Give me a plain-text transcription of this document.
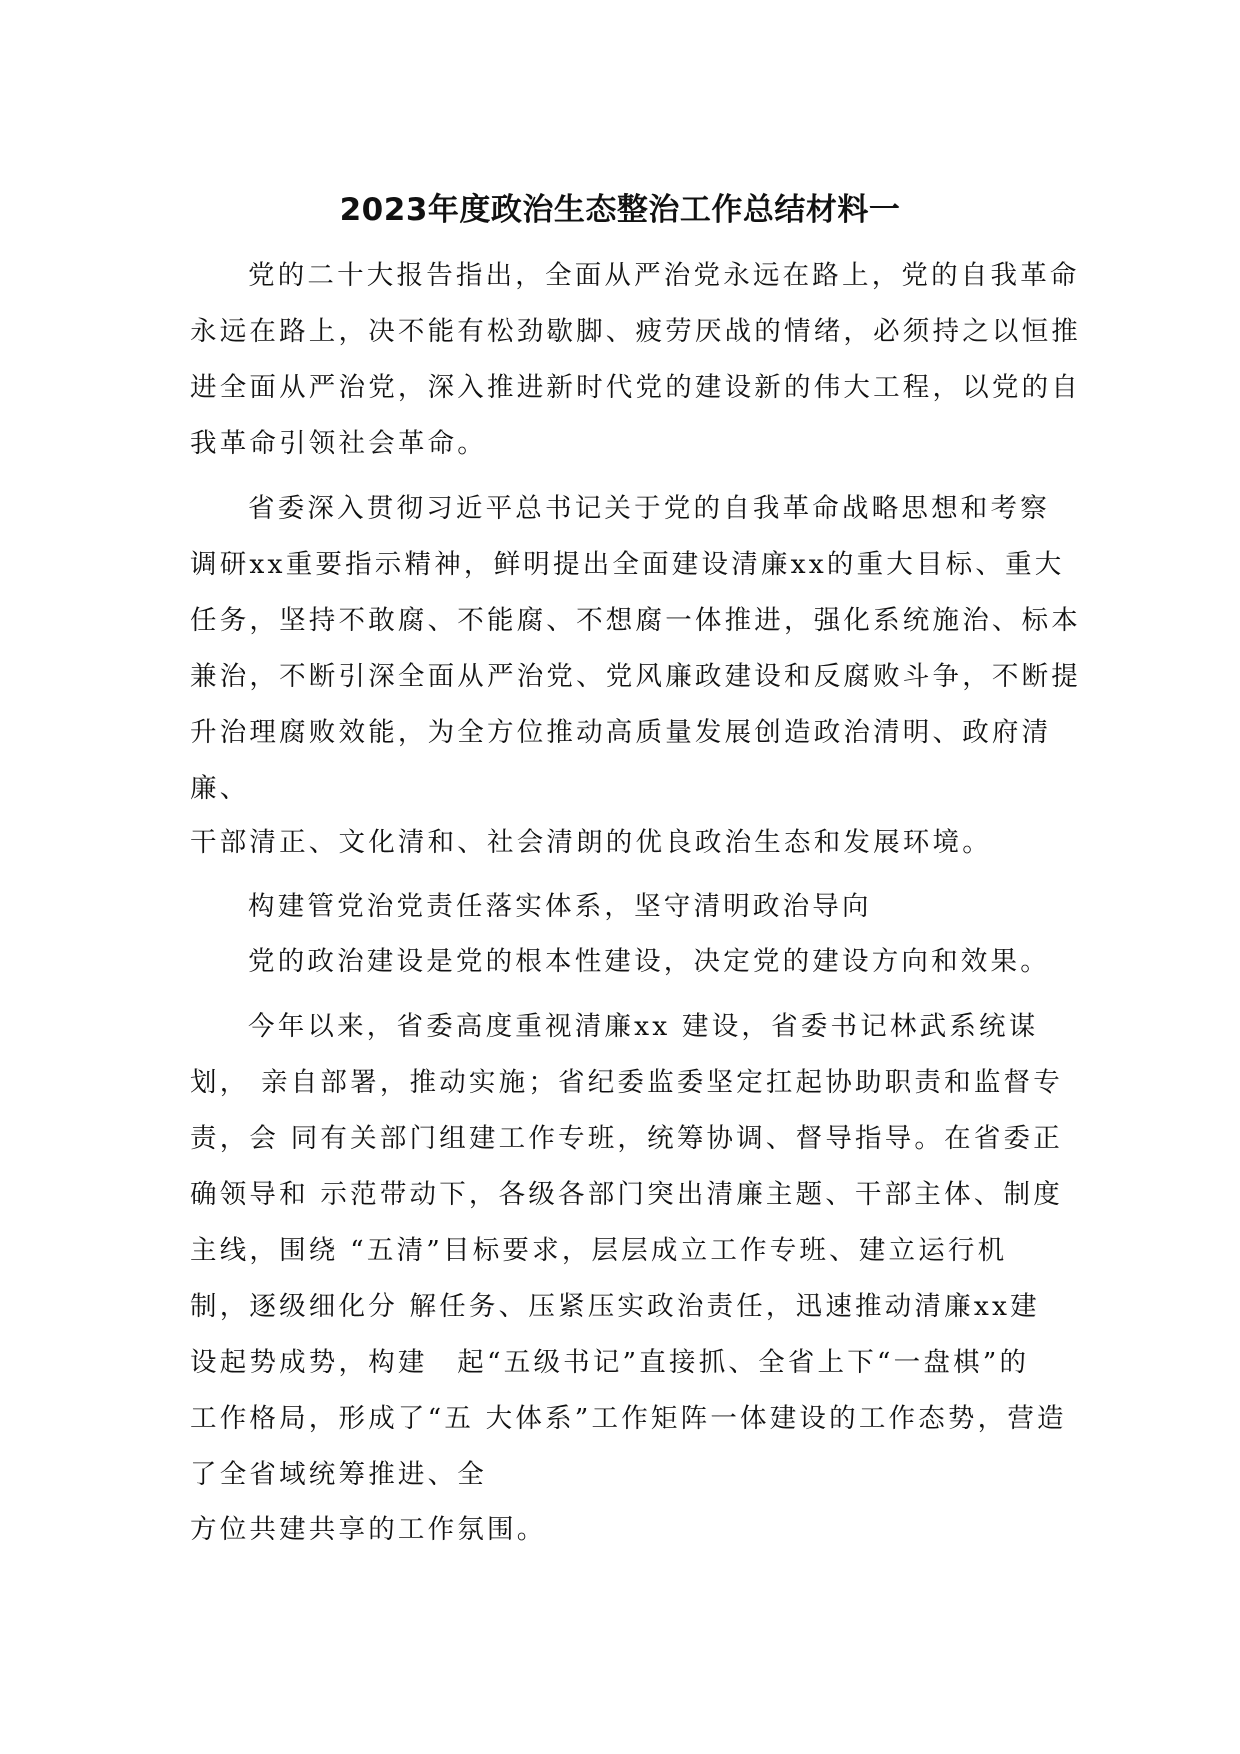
2023年度政治生态整治工作总结材料一
党的二十大报告指出，全面从严治党永远在路上，党的自我革命
永远在路上，决不能有松劲歇脚、疲劳厌战的情绪，必须持之以恒推
进全面从严治党，深入推进新时代党的建设新的伟大工程，以党的自
我革命引领社会革命。
省委深入贯彻习近平总书记关于党的自我革命战略思想和考察
调研xx重要指示精神，鲜明提出全面建设清廉xx的重大目标、重大
任务，坚持不敢腐、不能腐、不想腐一体推进，强化系统施治、标本
兼治，不断引深全面从严治党、党风廉政建设和反腐败斗争，不断提
升治理腐败效能，为全方位推动高质量发展创造政治清明、政府清
廉、
干部清正、文化清和、社会清朗的优良政治生态和发展环境。
构建管党治党责任落实体系，坚守清明政治导向
党的政治建设是党的根本性建设，决定党的建设方向和效果。
今年以来，省委高度重视清廉xx 建设，省委书记林武系统谋
划， 亲自部署，推动实施；省纪委监委坚定扛起协助职责和监督专
责，会 同有关部门组建工作专班，统筹协调、督导指导。在省委正
确领导和 示范带动下，各级各部门突出清廉主题、干部主体、制度
主线，围绕 “五清”目标要求，层层成立工作专班、建立运行机
制，逐级细化分 解任务、压紧压实政治责任，迅速推动清廉xx建
设起势成势，构建　起“五级书记”直接抓、全省上下“一盘棋”的
工作格局，形成了“五 大体系”工作矩阵一体建设的工作态势，营造
了全省域统筹推进、全
方位共建共享的工作氛围。
